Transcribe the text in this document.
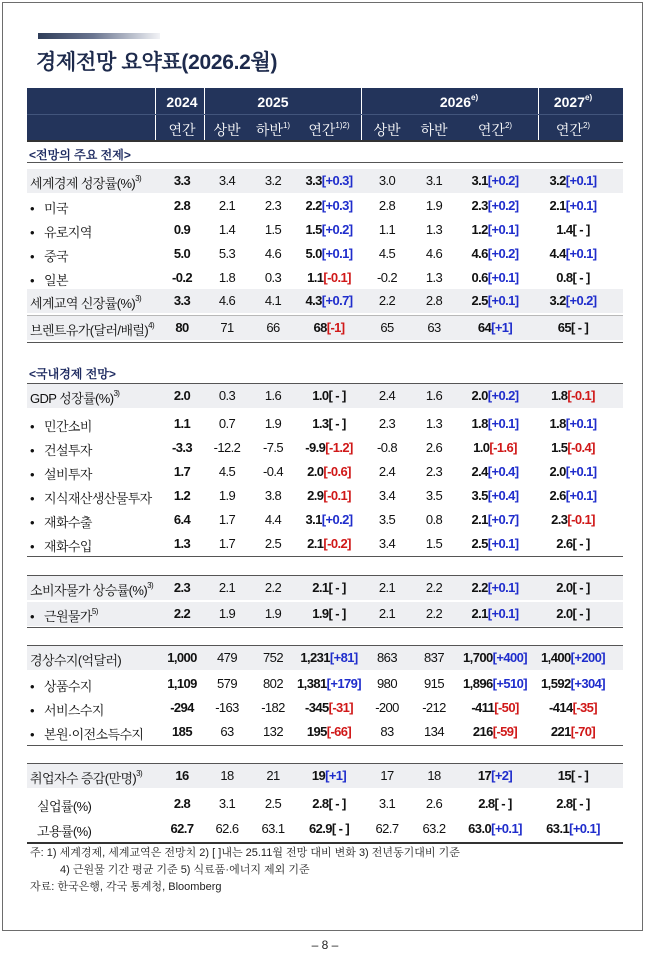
경제전망 요약표(2026.2월)
2024	2025	2026$^{e)}$	2027$^{e)}$
연간 상반 하반$^{1)}$ 연간$^{1)2)}$ 상반 하반 연간$^{2)}$	연간$^{2)}$
주: 1) 세계경제, 세계교역은 전망치 2) [ ]내는 25.11월 전망 대비 변화 3) 전년동기대비 기준
4) 근원물 기간 평균 기준 5) 식료품·에너지 제외 기준
자료: 한국은행, 각국 통계청, Bloomberg
– 8 –
<전망의 주요 전제>
<국내경제 전망>
세계경제 성장률(%)$^{3)}$	3.3 3.4 3.2 3.3[+0.3] 3.0 3.1 3.1[+0.2] 3.2[+0.1]
• 미국	2.8 2.1 2.3 2.2[+0.3] 2.8 1.9 2.3[+0.2] 2.1[+0.1]
• 유로지역	0.9 1.4 1.5 1.5[+0.2] 1.1 1.3 1.2[+0.1]	1.4[ - ]
• 중국	5.0 5.3 4.6 5.0[+0.1] 4.5 4.6 4.6[+0.2] 4.4[+0.1]
• 일본	-0.2 1.8 0.3 1.1[-0.1] -0.2 1.3 0.6[+0.1]	0.8[ - ]
세계교역 신장률(%)$^{3)}$	3.3 4.6 4.1 4.3[+0.7] 2.2 2.8 2.5[+0.1] 3.2[+0.2]
브렌트유가(달러/배럴)$^{4)}$ 80 71	66	68[-1]	65	63	64[+1]	65[ - ]
GDP 성장률(%)$^{3)}$	2.0 0.3 1.6 1.0[ - ]	2.4 1.6 2.0[+0.2]	1.8[-0.1]
• 민간소비	1.1 0.7 1.9 1.3[ - ]	2.3 1.3 1.8[+0.1] 1.8[+0.1]
• 건설투자	-3.3 -12.2 -7.5 -9.9[-1.2] -0.8 2.6 1.0[-1.6]	1.5[-0.4]
• 설비투자	1.7 4.5 -0.4 2.0[-0.6] 2.4 2.3 2.4[+0.4] 2.0[+0.1]
• 지식재산생산물투자 1.2 1.9 3.8 2.9[-0.1] 3.4 3.5 3.5[+0.4] 2.6[+0.1]
• 재화수출	6.4 1.7 4.4 3.1[+0.2] 3.5 0.8 2.1[+0.7]	2.3[-0.1]
• 재화수입	1.3 1.7 2.5 2.1[-0.2] 3.4 1.5 2.5[+0.1]	2.6[ - ]
소비자물가 상승률(%)$^{3)}$ 2.3 2.1 2.2 2.1[ - ]	2.1 2.2 2.2[+0.1]	2.0[ - ]
• 근원물가$^{5)}$	2.2 1.9 1.9 1.9[ - ]	2.1 2.2 2.1[+0.1]	2.0[ - ]
경상수지(억달러)	1,000 479 752 1,231[+81] 863 837 1,700[+400] 1,400[+200]
• 상품수지	1,109 579 802 1,381[+179] 980 915 1,896[+510] 1,592[+304]
• 서비스수지	-294 -163 -182 -345[-31] -200 -212 -411[-50] -414[-35]
• 본원·이전소득수지 185 63 132 195[-66] 83 134 216[-59]	221[-70]
취업자수 증감(만명)$^{3)}$	16 18	21 19[+1]	17	18	17[+2]	15[ - ]
실업률(%)	2.8 3.1 2.5 2.8[ - ]	3.1 2.6	2.8[ - ]	2.8[ - ]
고용률(%)	62.7 62.6 63.1 62.9[ - ] 62.7 63.2 63.0[+0.1] 63.1[+0.1]
